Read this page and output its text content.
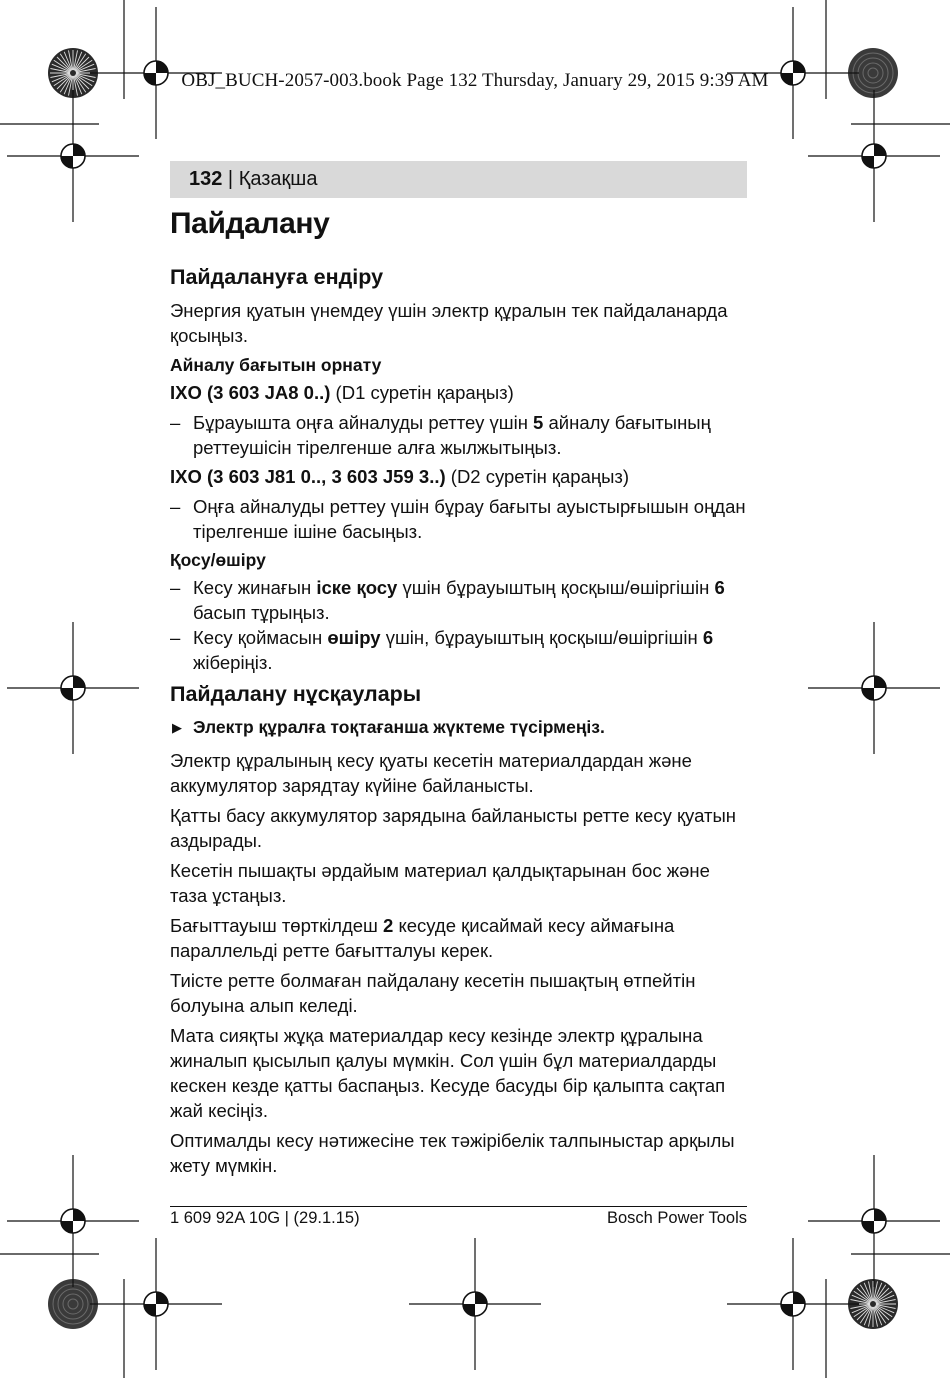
OBJ_BUCH-2057-003.book Page 132 Thursday, January 29, 2015 9:39 AM
132 | Қазақша
Пайдалану
Пайдалануға ендіру

Энергия қуатын үнемдеу үшін электр құралын тек пайдаланарда қосыңыз.

Айналу бағытын орнату

IXO (3 603 JA8 0..) (D1 суретін қараңыз)

– Бұрауышта оңға айналуды реттеу үшін 5 айналу бағытының реттеушісін тірелгенше алға жылжытыңыз.

IXO (3 603 J81 0.., 3 603 J59 3..) (D2 суретін қараңыз)

– Оңға айналуды реттеу үшін бұрау бағыты ауыстырғышын оңдан тірелгенше ішіне басыңыз.
Қосу/өшіру
– Кесу жинағын іске қосу үшін бұрауыштың қосқыш/өшіргішін 6 басып тұрыңыз.
– Кесу қоймасын өшіру үшін, бұрауыштың қосқыш/өшіргішін 6 жіберіңіз.
Пайдалану нұсқаулары

▶ Электр құралға тоқтағанша жүктеме түсірмеңіз.

Электр құралының кесу қуаты кесетін материалдардан және аккумулятор зарядтау күйіне байланысты.

Қатты басу аккумулятор зарядына байланысты ретте кесу қуатын аздырады.

Кесетін пышақты әрдайым материал қалдықтарынан бос және таза ұстаңыз.

Бағыттауыш төрткілдеш 2 кесуде қисаймай кесу аймағына параллельді ретте бағытталуы керек.

Тиісте ретте болмаған пайдалану кесетін пышақтың өтпейтін болуына алып келеді.

Мата сияқты жұқа материалдар кесу кезінде электр құралына жиналып қысылып қалуы мүмкін. Сол үшін бұл материалдарды кескен кезде қатты баспаңыз. Кесуде басуды бір қалыпта сақтап жай кесіңіз.

Оптималды кесу нәтижесіне тек тәжірібелік талпыныстар арқылы жету мүмкін.

1 609 92A 10G | (29.1.15)	Bosch Power Tools
